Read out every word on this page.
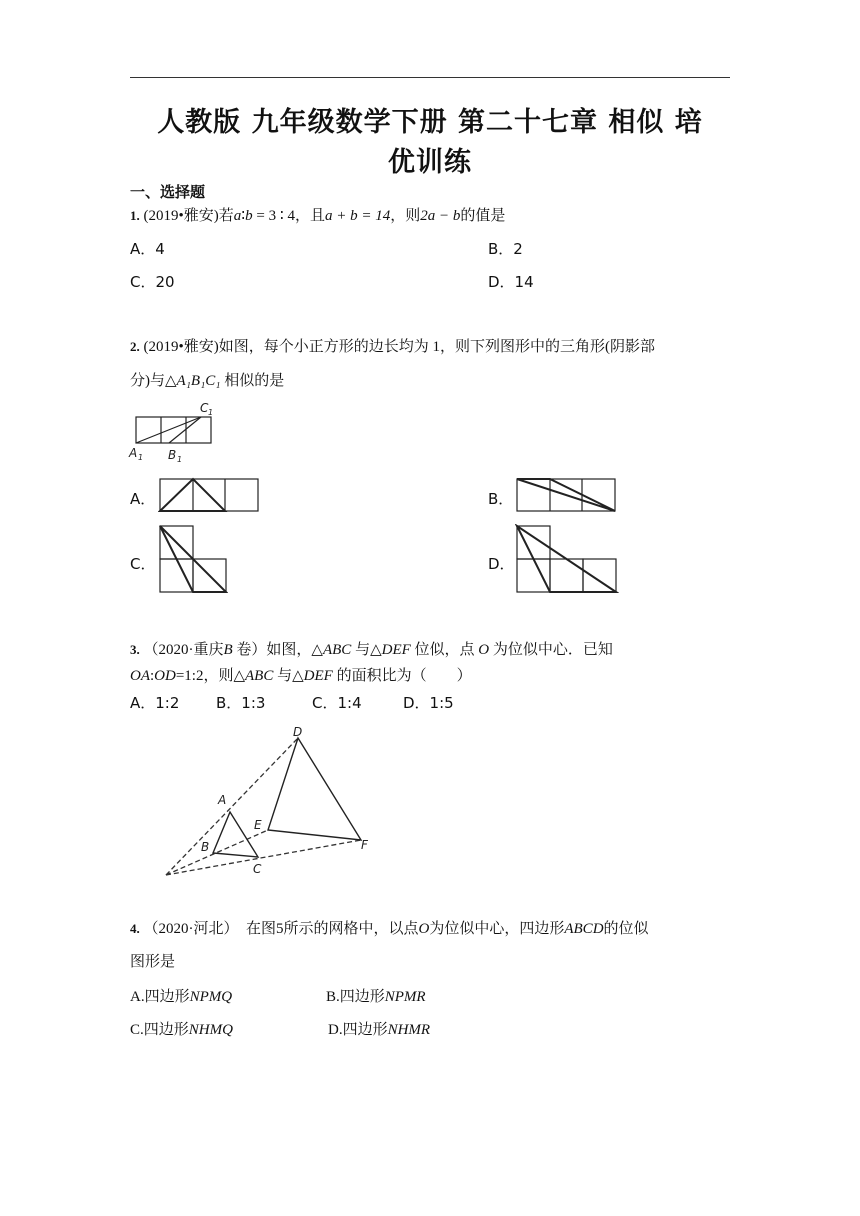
人教版 九年级数学下册 第二十七章 相似 培
优训练
一、选择题
1. (2019•雅安)若a∶b = 3 ∶ 4，且a + b = 14，则2a − b的值是
A．4	B．2
C．20	D．14
2. (2019•雅安)如图，每个小正方形的边长均为 1，则下列图形中的三角形(阴影部
分)与△A₁B₁C₁ 相似的是
C 1
A 1 B 1
A．	B．
C．	D．
3. （2020·重庆B 卷）如图，△ABC 与△DEF 位似，点 O 为位似中心．已知
OA:OD=1:2，则△ABC 与△DEF 的面积比为（　　）
A．1:2 B．1:3	C．1:4	D．1:5
D
A
E
B
C
F
4. （2020·河北）　在图5所示的网格中，以点O为位似中心，四边形ABCD的位似
图形是
A.四边形NPMQ	B.四边形NPMR
C.四边形NHMQ	D.四边形NHMR
